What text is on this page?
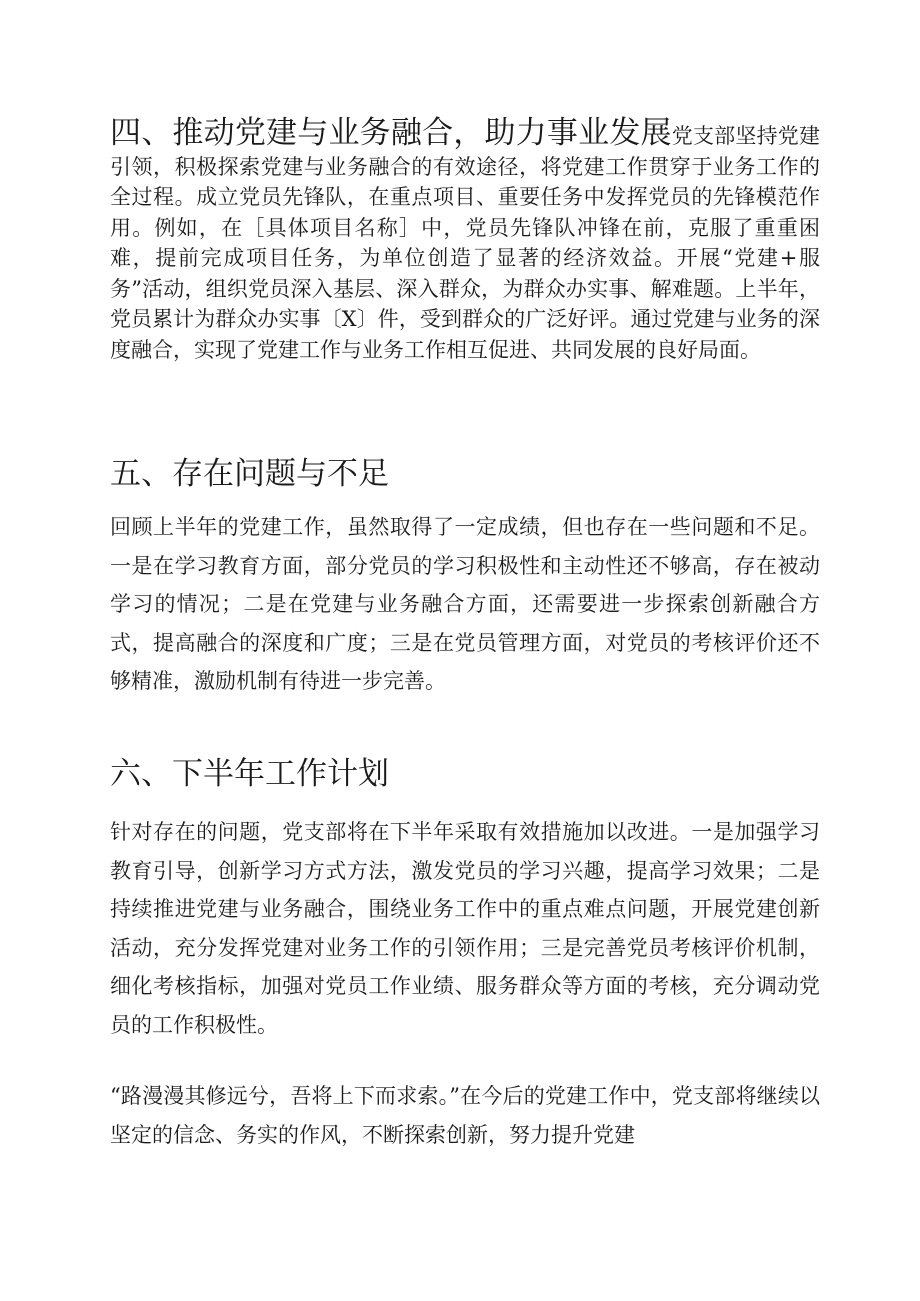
四、推动党建与业务融合，助力事业发展党支部坚持党建引领，积极探索党建与业务融合的有效途径，将党建工作贯穿于业务工作的全过程。成立党员先锋队，在重点项目、重要任务中发挥党员的先锋模范作用。例如，在［具体项目名称］中，党员先锋队冲锋在前，克服了重重困难，提前完成项目任务，为单位创造了显著的经济效益。开展“党建+服务”活动，组织党员深入基层、深入群众，为群众办实事、解难题。上半年，党员累计为群众办实事〔X〕件，受到群众的广泛好评。通过党建与业务的深度融合，实现了党建工作与业务工作相互促进、共同发展的良好局面。

五、存在问题与不足

回顾上半年的党建工作，虽然取得了一定成绩，但也存在一些问题和不足。一是在学习教育方面，部分党员的学习积极性和主动性还不够高，存在被动学习的情况；二是在党建与业务融合方面，还需要进一步探索创新融合方式，提高融合的深度和广度；三是在党员管理方面，对党员的考核评价还不够精准，激励机制有待进一步完善。

六、下半年工作计划

针对存在的问题，党支部将在下半年采取有效措施加以改进。一是加强学习教育引导，创新学习方式方法，激发党员的学习兴趣，提高学习效果；二是持续推进党建与业务融合，围绕业务工作中的重点难点问题，开展党建创新活动，充分发挥党建对业务工作的引领作用；三是完善党员考核评价机制，细化考核指标，加强对党员工作业绩、服务群众等方面的考核，充分调动党员的工作积极性。

“路漫漫其修远兮，吾将上下而求索。”在今后的党建工作中，党支部将继续以坚定的信念、务实的作风，不断探索创新，努力提升党建
